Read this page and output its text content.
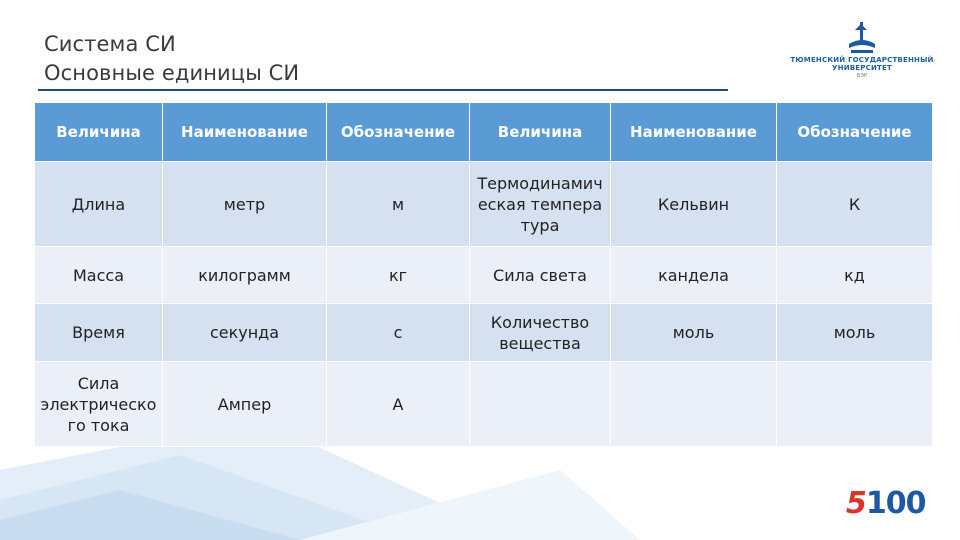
Система СИ
Основные единицы СИ
ТЮМЕНСКИЙ ГОСУДАРСТВЕННЫЙ
УНИВЕРСИТЕТ
ВЭР
Величина	Наименование	Обозначение	Величина	Наименование	Обозначение
Длина	метр	м	Термодинамич еская темпера тура	Кельвин	К
Масса	килограмм	кг	Сила света	кандела	кд
Время	секунда	с	Количество вещества	моль	моль
Сила электрическо го тока	Ампер	А			
5100
